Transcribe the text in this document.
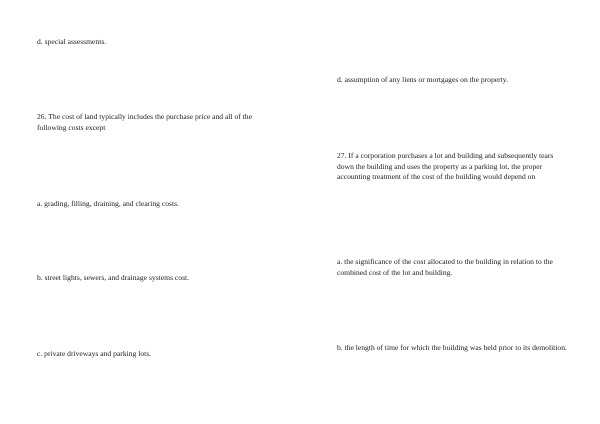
d. special assessments.

26. The cost of land typically includes the purchase price and all of the following costs except

a. grading, filling, draining, and clearing costs.

b. street lights, sewers, and drainage systems cost.

c. private driveways and parking lots.

d. assumption of any liens or mortgages on the property.

27. If a corporation purchases a lot and building and subsequently tears down the building and uses the property as a parking lot, the proper accounting treatment of the cost of the building would depend on

a. the significance of the cost allocated to the building in relation to the combined cost of the lot and building.

b. the length of time for which the building was held prior to its demolition.
